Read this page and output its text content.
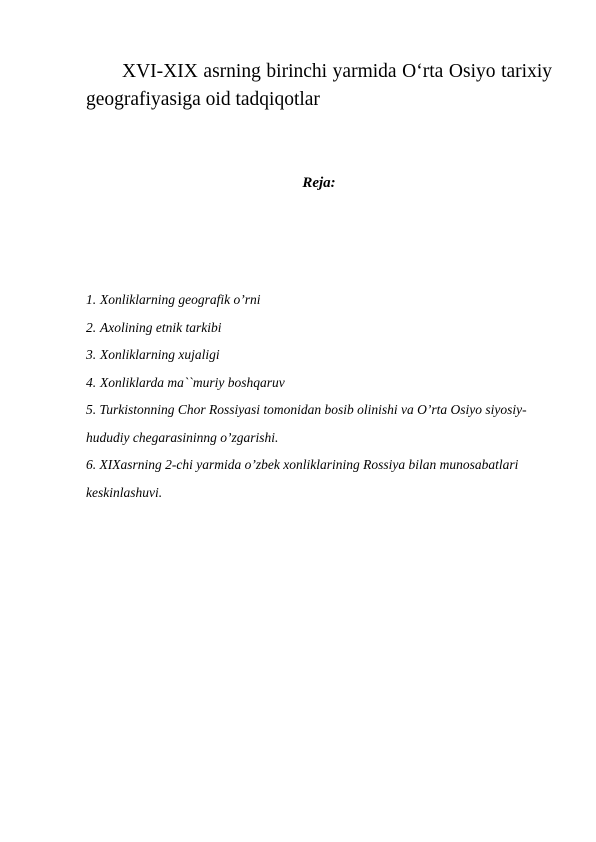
XVI-XIX asrning birinchi yarmida O‘rta Osiyo tarixiy geografiyasiga oid tadqiqotlar

Reja:

1. Xonliklarning geografik o’rni
2. Axolining etnik tarkibi
3. Xonliklarning xujaligi
4. Xonliklarda ma``muriy boshqaruv
5. Turkistonning Chor Rossiyasi tomonidan bosib olinishi va O’rta Osiyo siyosiy-hududiy chegarasininng o’zgarishi.
6. XIXasrning 2-chi yarmida o’zbek xonliklarining Rossiya bilan munosabatlari keskinlashuvi.
